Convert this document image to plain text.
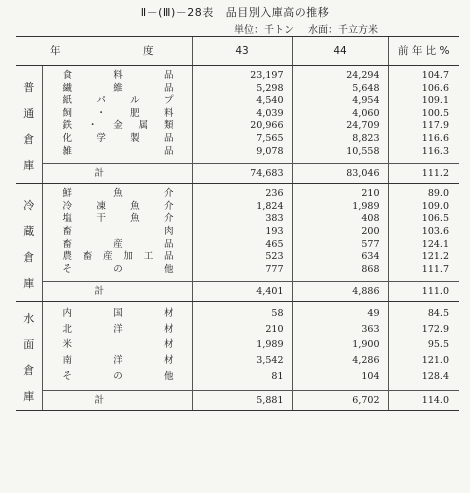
Ⅱ－(Ⅲ)－28表 品目別入庫高の推移
単位：千トン 水面：千立方米
年　度		43	44	前 年 比 %

普
通
倉
庫	食料品	23,197	24,294	104.7
	繊維品	5,298	5,648	106.6
	紙パルプ	4,540	4,954	109.1
	飼・肥料	4,039	4,060	100.5
	鉄・金属類	20,966	24,709	117.9
	化学製品	7,565	8,823	116.6
	雑品	9,078	10,558	116.3
	計	74,683	83,046	111.2

冷
蔵
倉
庫	鮮魚介	236	210	89.0
	冷凍魚介	1,824	1,989	109.0
	塩干魚介	383	408	106.5
	畜肉	193	200	103.6
	畜産品	465	577	124.1
	農畜産加工品	523	634	121.2
	その他	777	868	111.7
	計	4,401	4,886	111.0

水
面
倉
庫	内国材	58	49	84.5
	北洋材	210	363	172.9
	米材	1,989	1,900	95.5
	南洋材	3,542	4,286	121.0
	その他	81	104	128.4
	計	5,881	6,702	114.0
